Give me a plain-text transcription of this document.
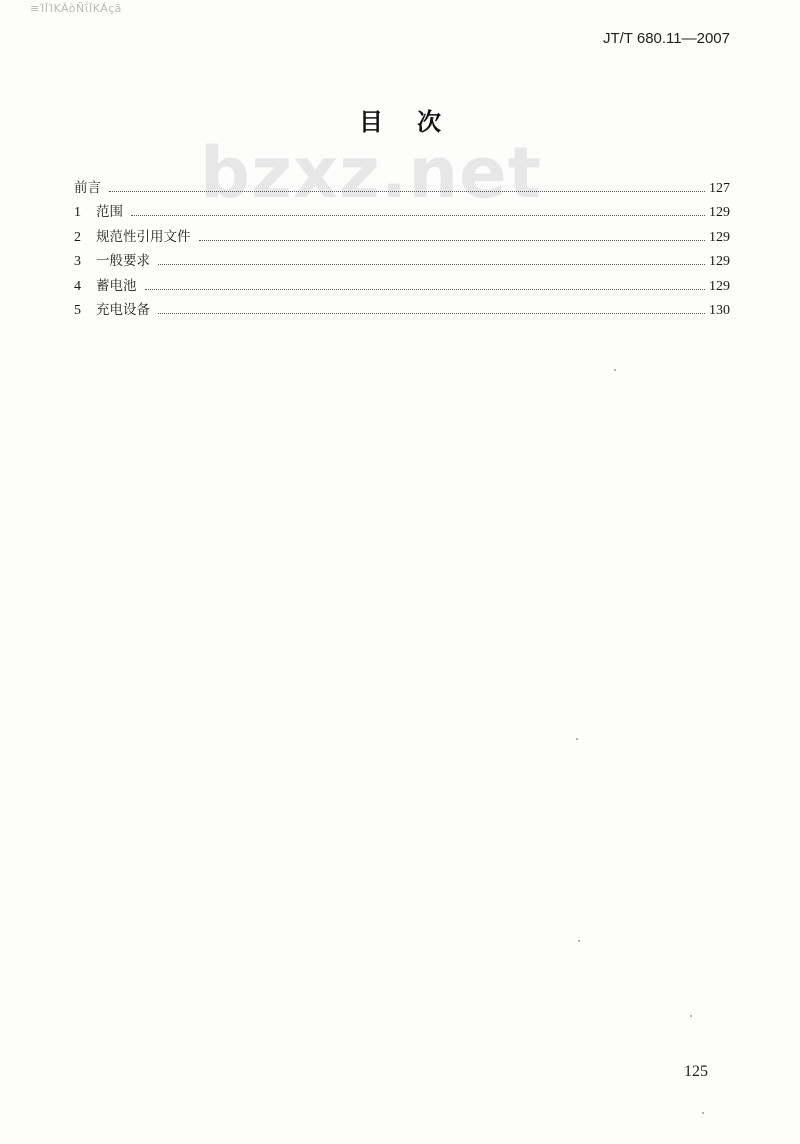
≡ΊΪΊKÁòÑΐΪKÁçã
JT/T 680.11—2007
bzxz.net
目次
前言	127
1	范围	129
2	规范性引用文件	129
3	一般要求	129
4	蓄电池	129
5	充电设备	130
125
